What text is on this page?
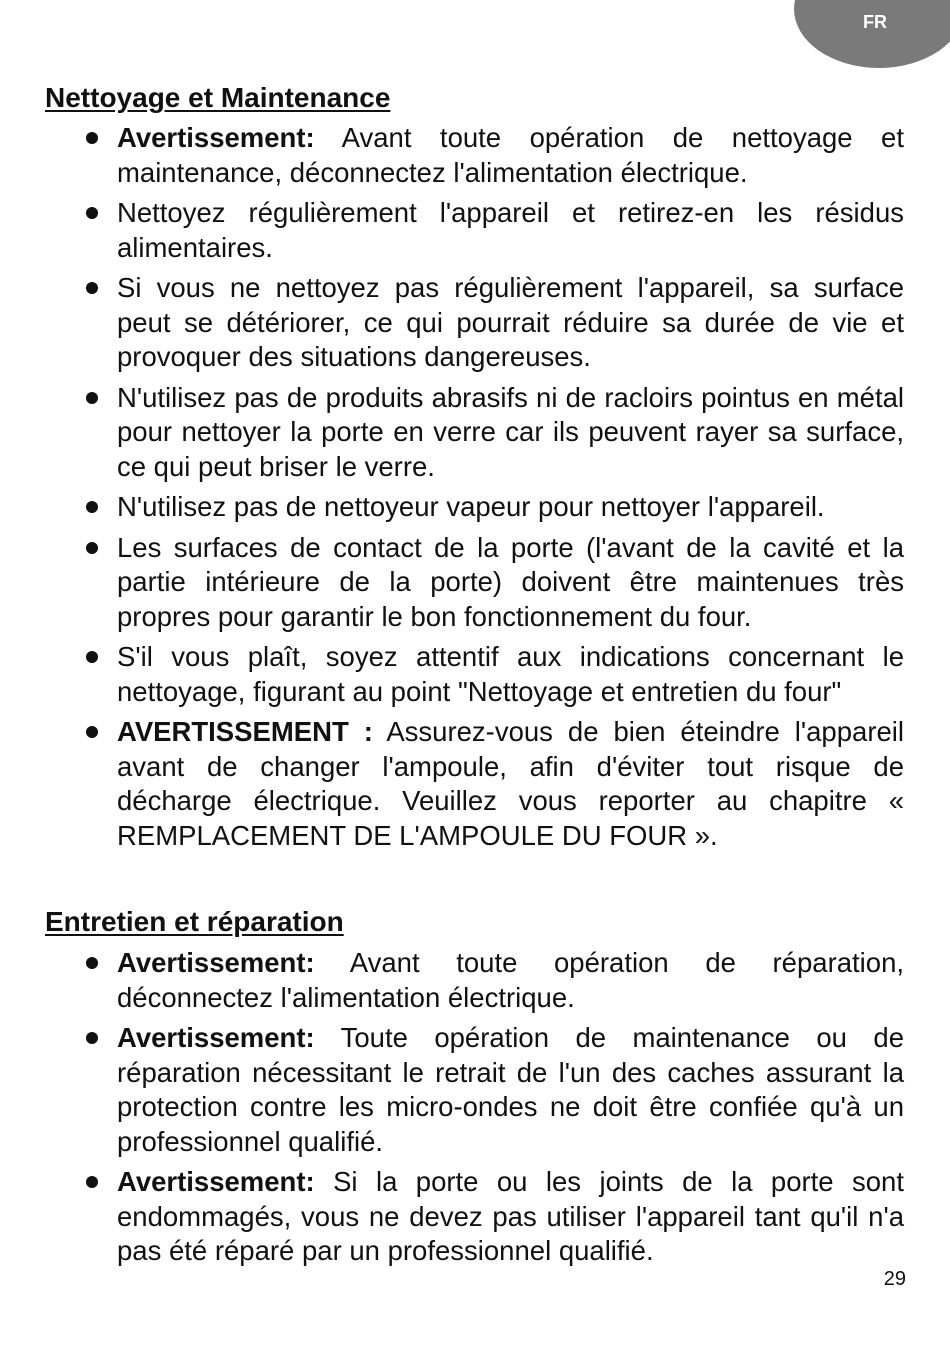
FR
Nettoyage et Maintenance
Avertissement: Avant toute opération de nettoyage et maintenance, déconnectez l'alimentation électrique.
Nettoyez régulièrement l'appareil et retirez-en les résidus alimentaires.
Si vous ne nettoyez pas régulièrement l'appareil, sa surface peut se détériorer, ce qui pourrait réduire sa durée de vie et provoquer des situations dangereuses.
N'utilisez pas de produits abrasifs ni de racloirs pointus en métal pour nettoyer la porte en verre car ils peuvent rayer sa surface, ce qui peut briser le verre.
N'utilisez pas de nettoyeur vapeur pour nettoyer l'appareil.
Les surfaces de contact de la porte (l'avant de la cavité et la partie intérieure de la porte) doivent être maintenues très propres pour garantir le bon fonctionnement du four.
S'il vous plaît, soyez attentif aux indications concernant le nettoyage, figurant au point "Nettoyage et entretien du four"
AVERTISSEMENT : Assurez-vous de bien éteindre l'appareil avant de changer l'ampoule, afin d'éviter tout risque de décharge électrique. Veuillez vous reporter au chapitre « REMPLACEMENT DE L'AMPOULE DU FOUR ».
Entretien et réparation
Avertissement: Avant toute opération de réparation, déconnectez l'alimentation électrique.
Avertissement: Toute opération de maintenance ou de réparation nécessitant le retrait de l'un des caches assurant la protection contre les micro-ondes ne doit être confiée qu'à un professionnel qualifié.
Avertissement: Si la porte ou les joints de la porte sont endommagés, vous ne devez pas utiliser l'appareil tant qu'il n'a pas été réparé par un professionnel qualifié.
29
